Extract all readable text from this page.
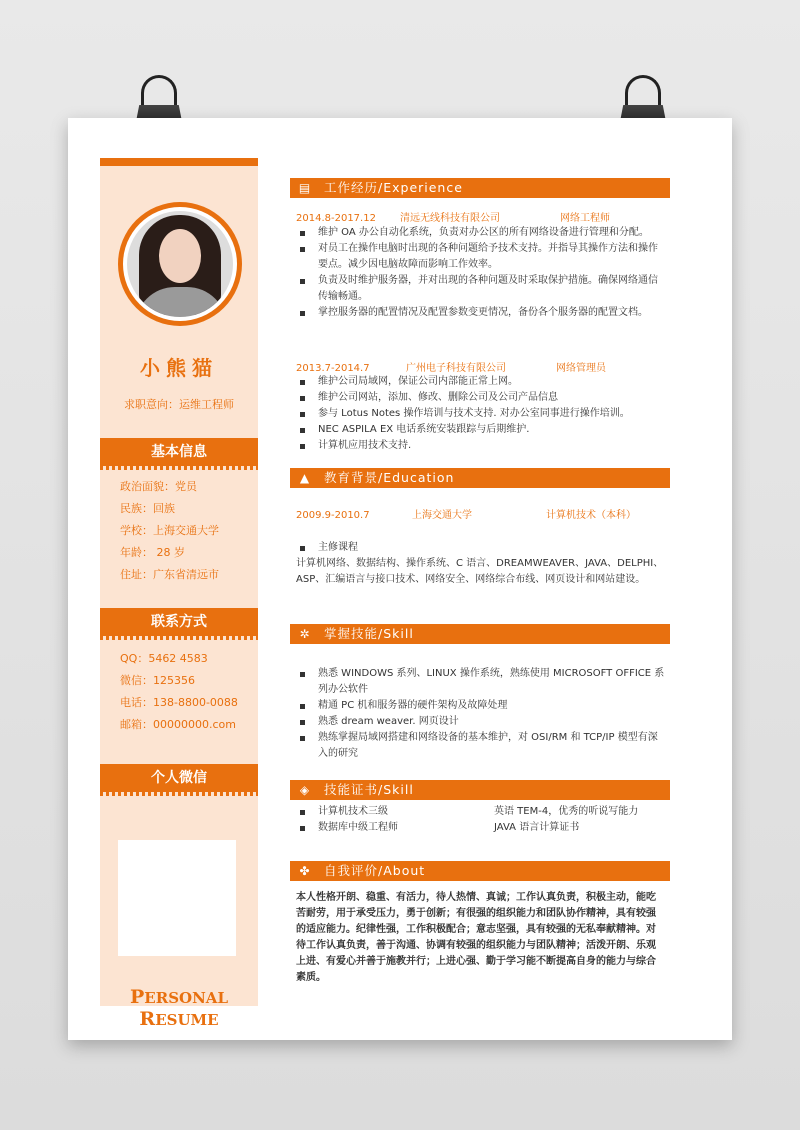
小熊猫
求职意向：运维工程师
基本信息
政治面貌：党员
民族：回族
学校：上海交通大学
年龄： 28 岁
住址：广东省清远市
联系方式
QQ：5462 4583
微信：125356
电话：138-8800-0088
邮箱：00000000.com
个人微信
PERSONAL RESUME
▤ 工作经历/Experience
2014.8-2017.12 清远无线科技有限公司	网络工程师
维护 OA 办公自动化系统，负责对办公区的所有网络设备进行管理和分配。
对员工在操作电脑时出现的各种问题给予技术支持。并指导其操作方法和操作要点。减少因电脑故障而影响工作效率。
负责及时维护服务器，并对出现的各种问题及时采取保护措施。确保网络通信传输畅通。
掌控服务器的配置情况及配置参数变更情况，备份各个服务器的配置文档。
2013.7-2014.7	广州电子科技有限公司	网络管理员
维护公司局域网，保证公司内部能正常上网。
维护公司网站，添加、修改、删除公司及公司产品信息
参与 Lotus Notes 操作培训与技术支持. 对办公室同事进行操作培训。
NEC ASPILA EX 电话系统安装跟踪与后期维护.
计算机应用技术支持.
▲ 教育背景/Education
2009.9-2010.7	上海交通大学	计算机技术（本科）
主修课程
计算机网络、数据结构、操作系统、C 语言、DREAMWEAVER、JAVA、DELPHI、ASP、汇编语言与接口技术、网络安全、网络综合布线、网页设计和网站建设。
✲ 掌握技能/Skill
熟悉 WINDOWS 系列、LINUX 操作系统，熟练使用 MICROSOFT OFFICE 系列办公软件
精通 PC 机和服务器的硬件架构及故障处理
熟悉 dream weaver. 网页设计
熟练掌握局域网搭建和网络设备的基本维护，对 OSI/RM 和 TCP/IP 模型有深入的研究
◈ 技能证书/Skill
计算机技术三级	英语 TEM-4，优秀的听说写能力
数据库中级工程师	JAVA 语言计算证书
✤ 自我评价/About
本人性格开朗、稳重、有活力，待人热情、真诚；工作认真负责，积极主动，能吃苦耐劳，用于承受压力，勇于创新；有很强的组织能力和团队协作精神，具有较强的适应能力。纪律性强，工作积极配合；意志坚强，具有较强的无私奉献精神。对待工作认真负责，善于沟通、协调有较强的组织能力与团队精神；活泼开朗、乐观上进、有爱心并善于施教并行；上进心强、勤于学习能不断提高自身的能力与综合素质。
